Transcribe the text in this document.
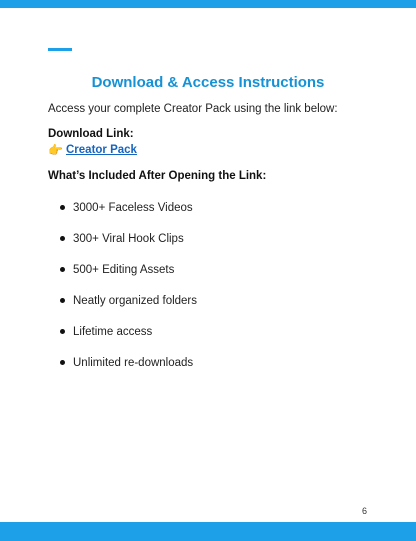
Download & Access Instructions

Access your complete Creator Pack using the link below:

Download Link:
👉 Creator Pack
What’s Included After Opening the Link:
3000+ Faceless Videos
300+ Viral Hook Clips
500+ Editing Assets
Neatly organized folders
Lifetime access
Unlimited re-downloads
6
